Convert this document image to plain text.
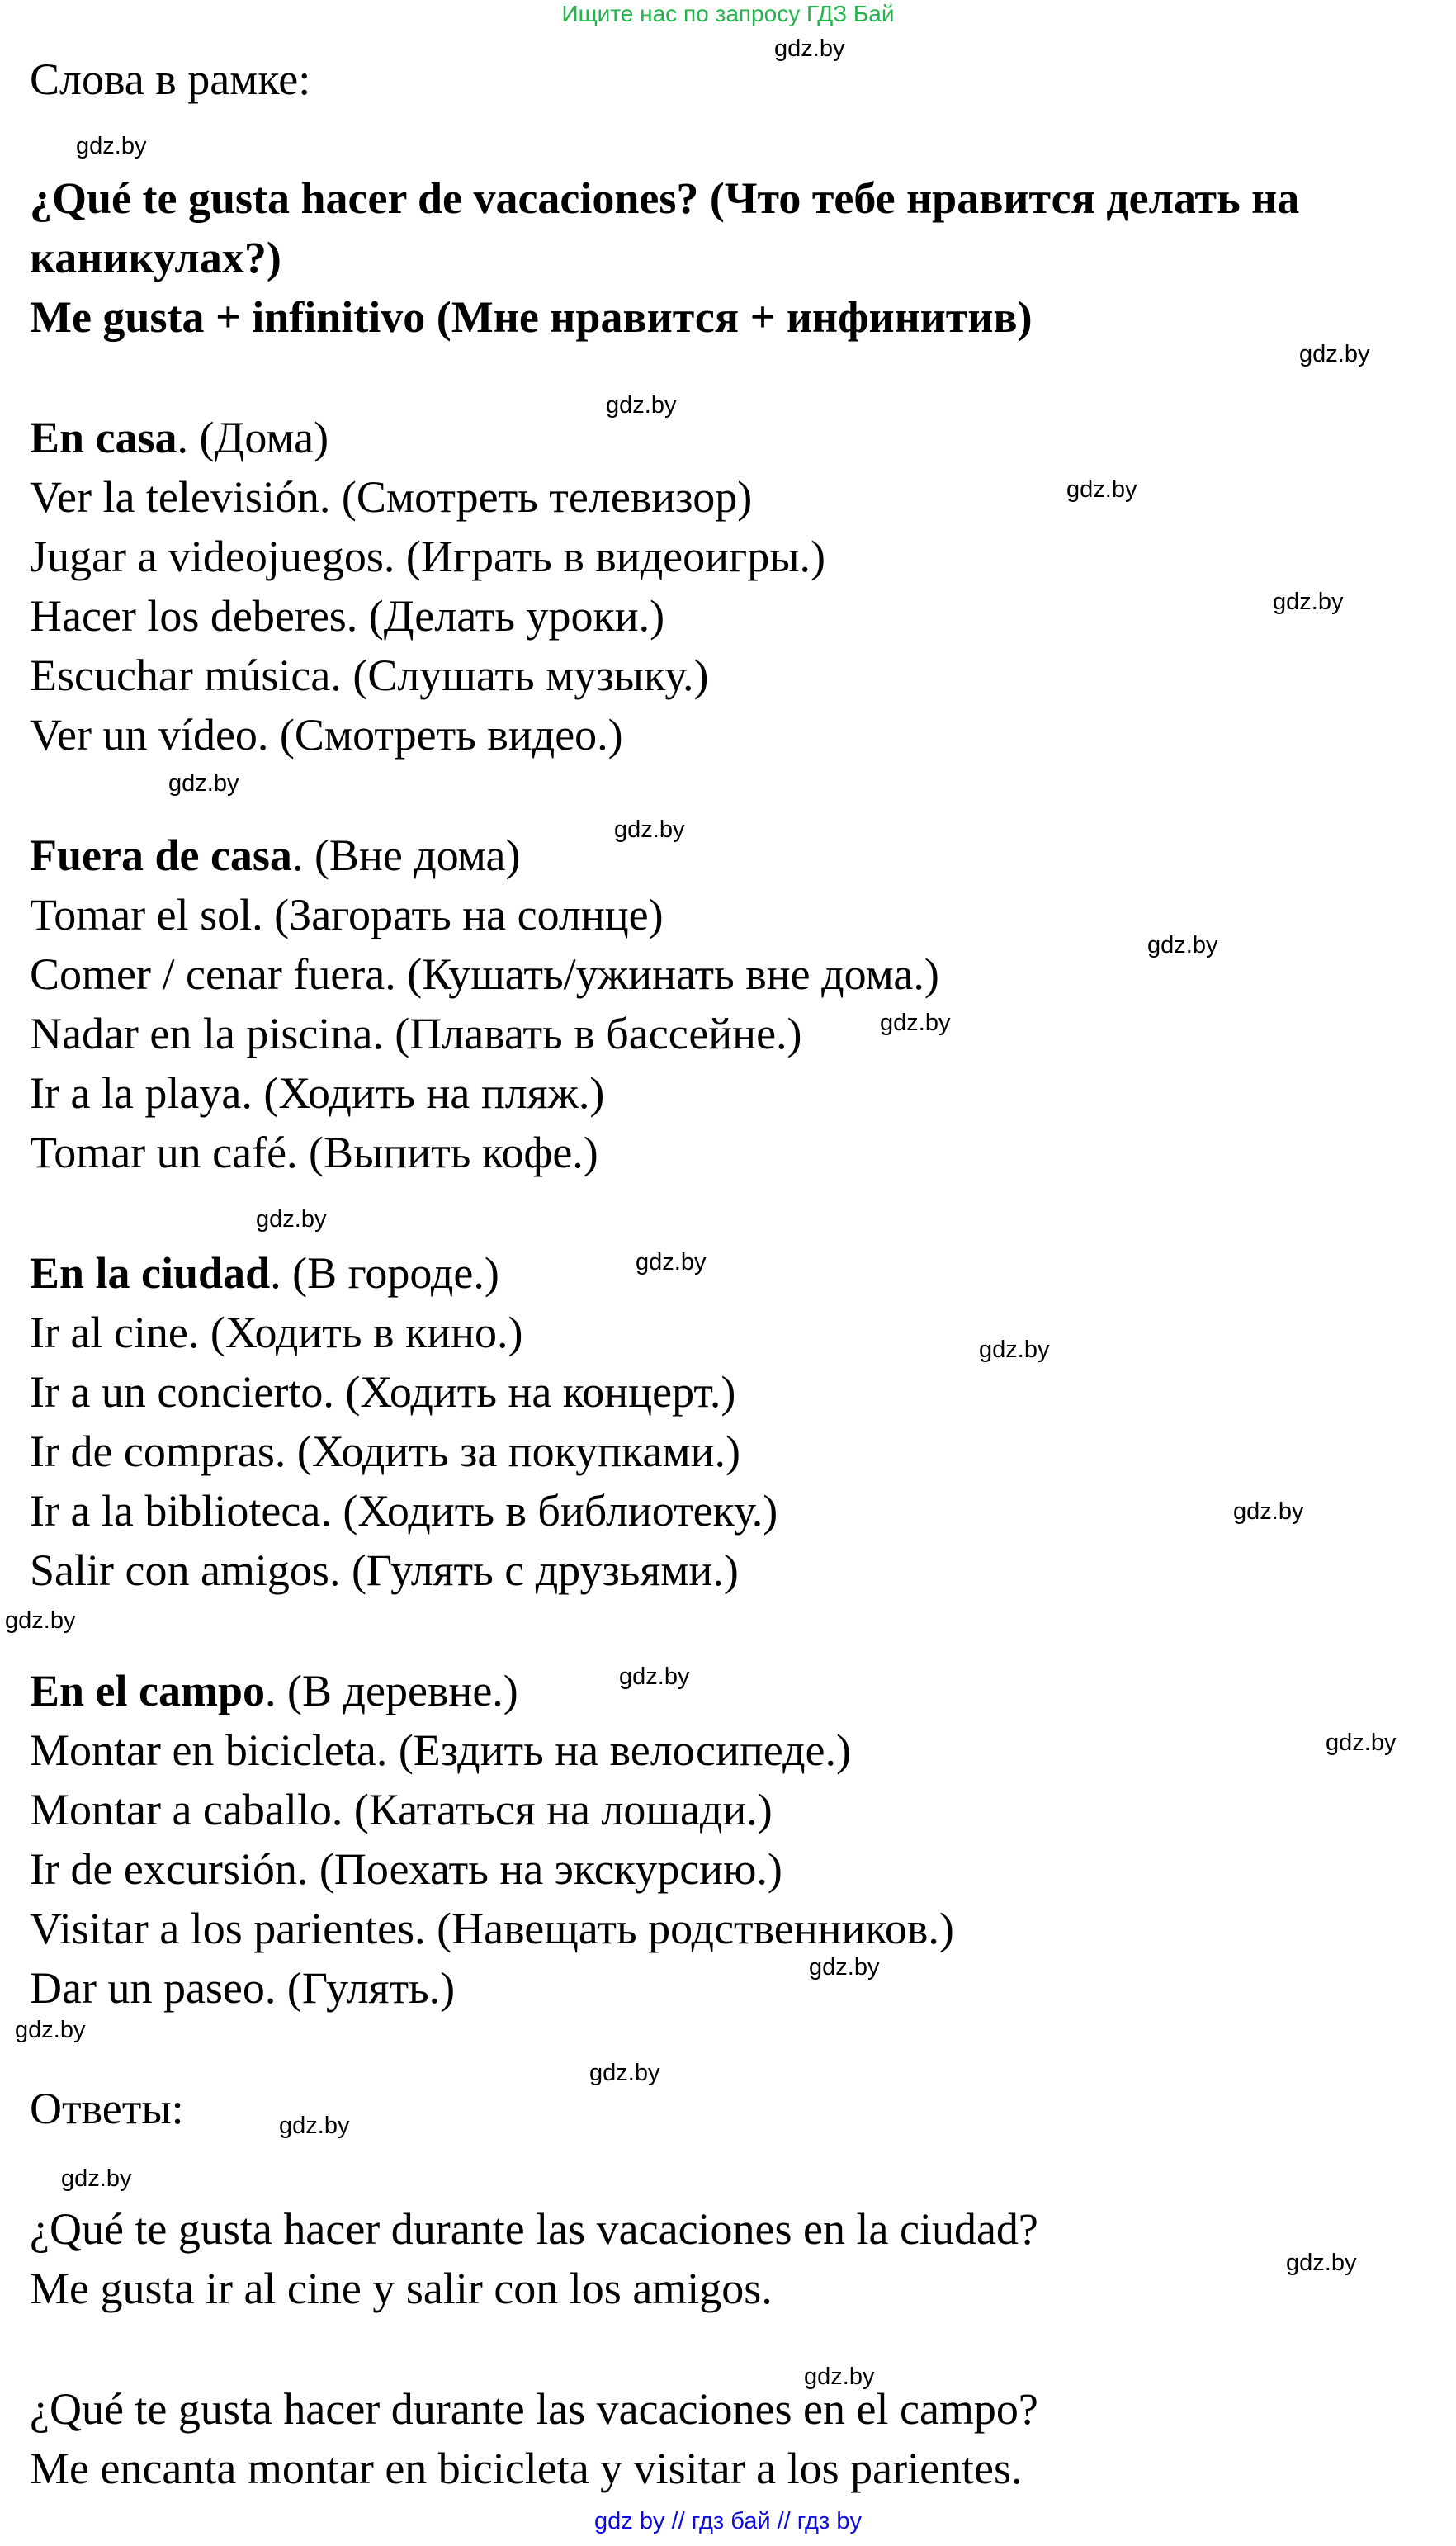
Ищите нас по запросу ГДЗ Бай
Слова в рамке:
¿Qué te gusta hacer de vacaciones? (Что тебе нравится делать на
каникулах?)
Me gusta + infinitivo (Мне нравится + инфинитив)
En casa. (Дома)
Ver la televisión. (Смотреть телевизор)
Jugar a videojuegos. (Играть в видеоигры.)
Hacer los deberes. (Делать уроки.)
Escuchar música. (Слушать музыку.)
Ver un vídeo. (Смотреть видео.)
Fuera de casa. (Вне дома)
Tomar el sol. (Загорать на солнце)
Comer / cenar fuera. (Кушать/ужинать вне дома.)
Nadar en la piscina. (Плавать в бассейне.)
Ir a la playa. (Ходить на пляж.)
Tomar un café. (Выпить кофе.)
En la ciudad. (В городе.)
Ir al cine. (Ходить в кино.)
Ir a un concierto. (Ходить на концерт.)
Ir de compras. (Ходить за покупками.)
Ir a la biblioteca. (Ходить в библиотеку.)
Salir con amigos. (Гулять с друзьями.)
En el campo. (В деревне.)
Montar en bicicleta. (Ездить на велосипеде.)
Montar a caballo. (Кататься на лошади.)
Ir de excursión. (Поехать на экскурсию.)
Visitar a los parientes. (Навещать родственников.)
Dar un paseo. (Гулять.)
Ответы:
¿Qué te gusta hacer durante las vacaciones en la ciudad?
Me gusta ir al cine y salir con los amigos.
¿Qué te gusta hacer durante las vacaciones en el campo?
Me encanta montar en bicicleta y visitar a los parientes.
gdz.by
gdz.by
gdz.by
gdz.by
gdz.by
gdz.by
gdz.by
gdz.by
gdz.by
gdz.by
gdz.by
gdz.by
gdz.by
gdz.by
gdz.by
gdz.by
gdz.by
gdz.by
gdz.by
gdz.by
gdz.by
gdz.by
gdz.by
gdz.by
gdz by // гдз бай // гдз by
